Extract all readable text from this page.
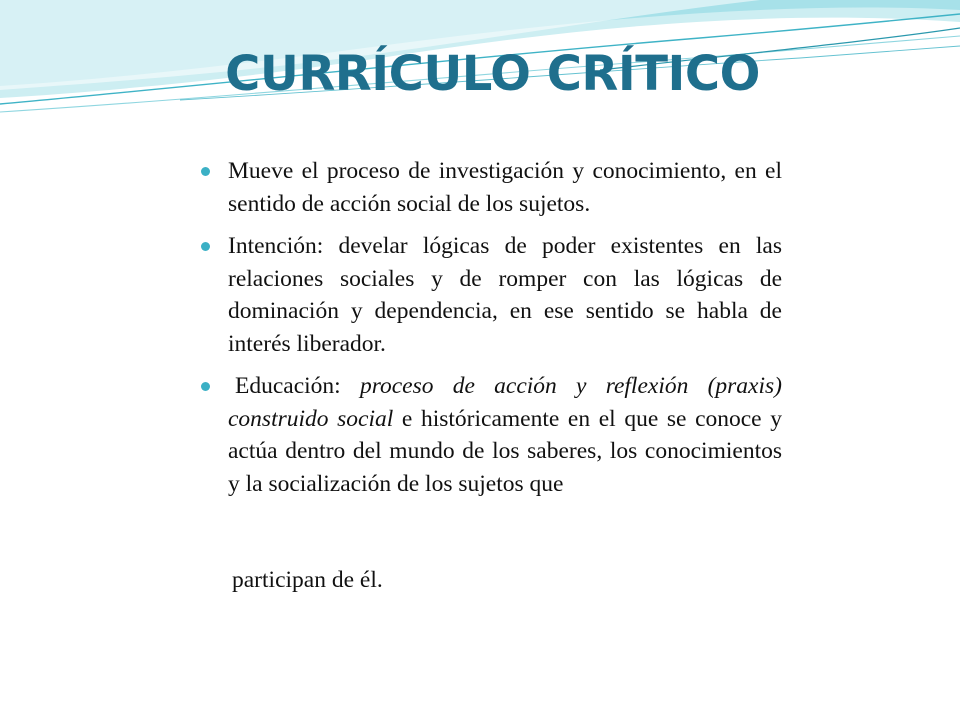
CURRÍCULO CRÍTICO
Mueve el proceso de investigación y conocimiento, en el sentido de acción social de los sujetos.
Intención: develar lógicas de poder existentes en las relaciones sociales y de romper con las lógicas de dominación y dependencia, en ese sentido se habla de interés liberador.
Educación: proceso de acción y reflexión (praxis) construido social e históricamente en el que se conoce y actúa dentro del mundo de los saberes, los conocimientos y la socialización de los sujetos que

participan de él.
